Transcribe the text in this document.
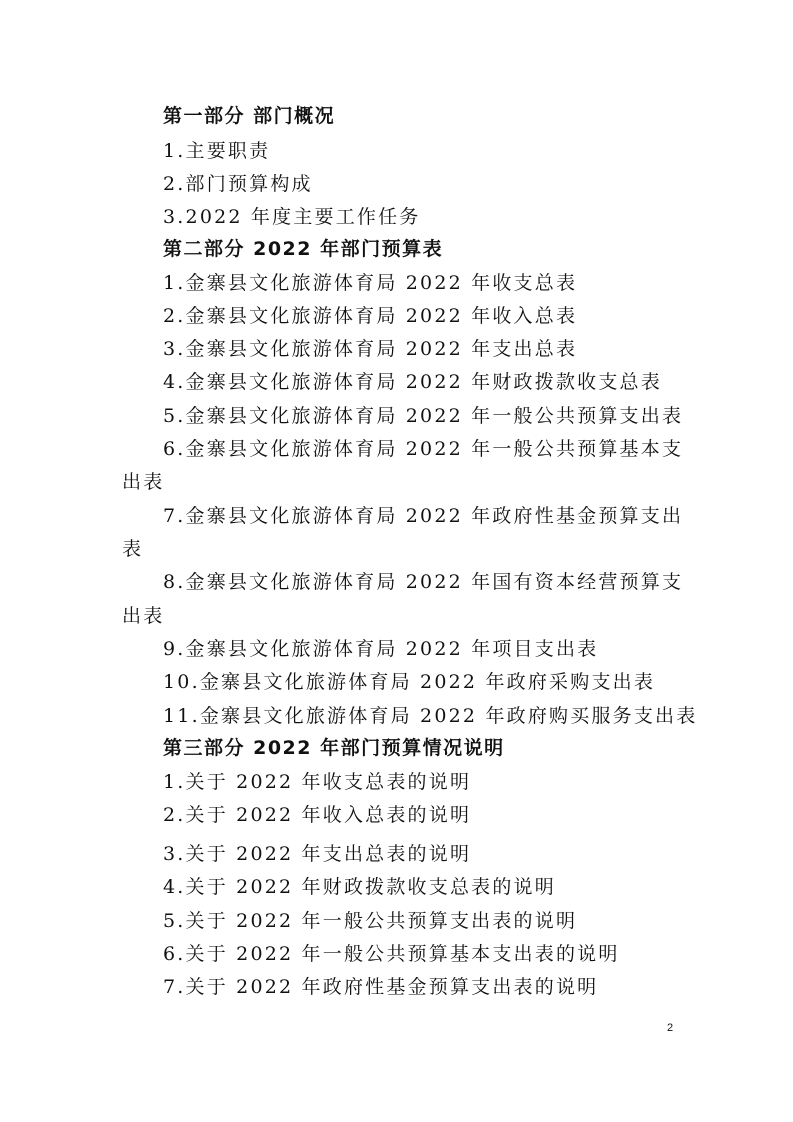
第一部分 部门概况
1.主要职责
2.部门预算构成
3.2022 年度主要工作任务
第二部分 2022 年部门预算表
1.金寨县文化旅游体育局 2022 年收支总表
2.金寨县文化旅游体育局 2022 年收入总表
3.金寨县文化旅游体育局 2022 年支出总表
4.金寨县文化旅游体育局 2022 年财政拨款收支总表
5.金寨县文化旅游体育局 2022 年一般公共预算支出表
6.金寨县文化旅游体育局 2022 年一般公共预算基本支
出表
7.金寨县文化旅游体育局 2022 年政府性基金预算支出
表
8.金寨县文化旅游体育局 2022 年国有资本经营预算支
出表
9.金寨县文化旅游体育局 2022 年项目支出表
10.金寨县文化旅游体育局 2022 年政府采购支出表
11.金寨县文化旅游体育局 2022 年政府购买服务支出表
第三部分 2022 年部门预算情况说明
1.关于 2022 年收支总表的说明
2.关于 2022 年收入总表的说明
3.关于 2022 年支出总表的说明
4.关于 2022 年财政拨款收支总表的说明
5.关于 2022 年一般公共预算支出表的说明
6.关于 2022 年一般公共预算基本支出表的说明
7.关于 2022 年政府性基金预算支出表的说明
2
